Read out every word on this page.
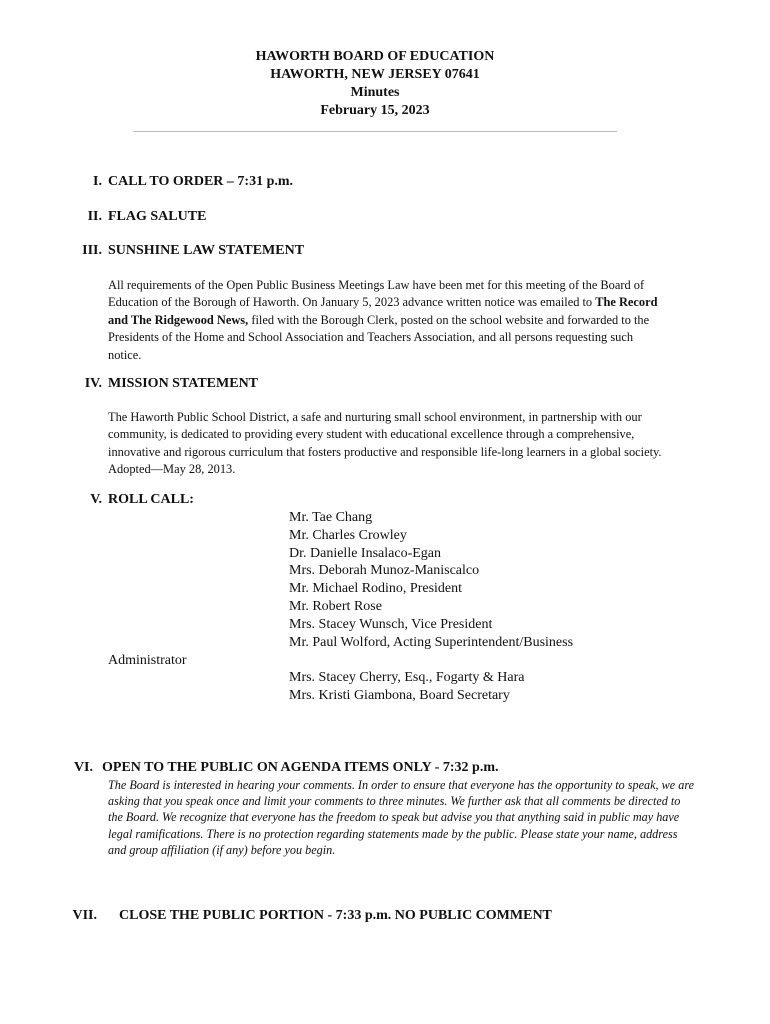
HAWORTH BOARD OF EDUCATION
HAWORTH, NEW JERSEY 07641
Minutes
February 15, 2023
I. CALL TO ORDER – 7:31 p.m.
II. FLAG SALUTE
III. SUNSHINE LAW STATEMENT
All requirements of the Open Public Business Meetings Law have been met for this meeting of the Board of Education of the Borough of Haworth. On January 5, 2023 advance written notice was emailed to The Record and The Ridgewood News, filed with the Borough Clerk, posted on the school website and forwarded to the Presidents of the Home and School Association and Teachers Association, and all persons requesting such notice.
IV. MISSION STATEMENT
The Haworth Public School District, a safe and nurturing small school environment, in partnership with our community, is dedicated to providing every student with educational excellence through a comprehensive, innovative and rigorous curriculum that fosters productive and responsible life-long learners in a global society. Adopted—May 28, 2013.
V. ROLL CALL:
Mr. Tae Chang
Mr. Charles Crowley
Dr. Danielle Insalaco-Egan
Mrs. Deborah Munoz-Maniscalco
Mr. Michael Rodino, President
Mr. Robert Rose
Mrs. Stacey Wunsch, Vice President
Mr. Paul Wolford, Acting Superintendent/Business
Administrator
Mrs. Stacey Cherry, Esq., Fogarty & Hara
Mrs. Kristi Giambona, Board Secretary
VI. OPEN TO THE PUBLIC ON AGENDA ITEMS ONLY - 7:32 p.m.
The Board is interested in hearing your comments. In order to ensure that everyone has the opportunity to speak, we are asking that you speak once and limit your comments to three minutes. We further ask that all comments be directed to the Board. We recognize that everyone has the freedom to speak but advise you that anything said in public may have legal ramifications. There is no protection regarding statements made by the public. Please state your name, address and group affiliation (if any) before you begin.
VII. CLOSE THE PUBLIC PORTION - 7:33 p.m. NO PUBLIC COMMENT
